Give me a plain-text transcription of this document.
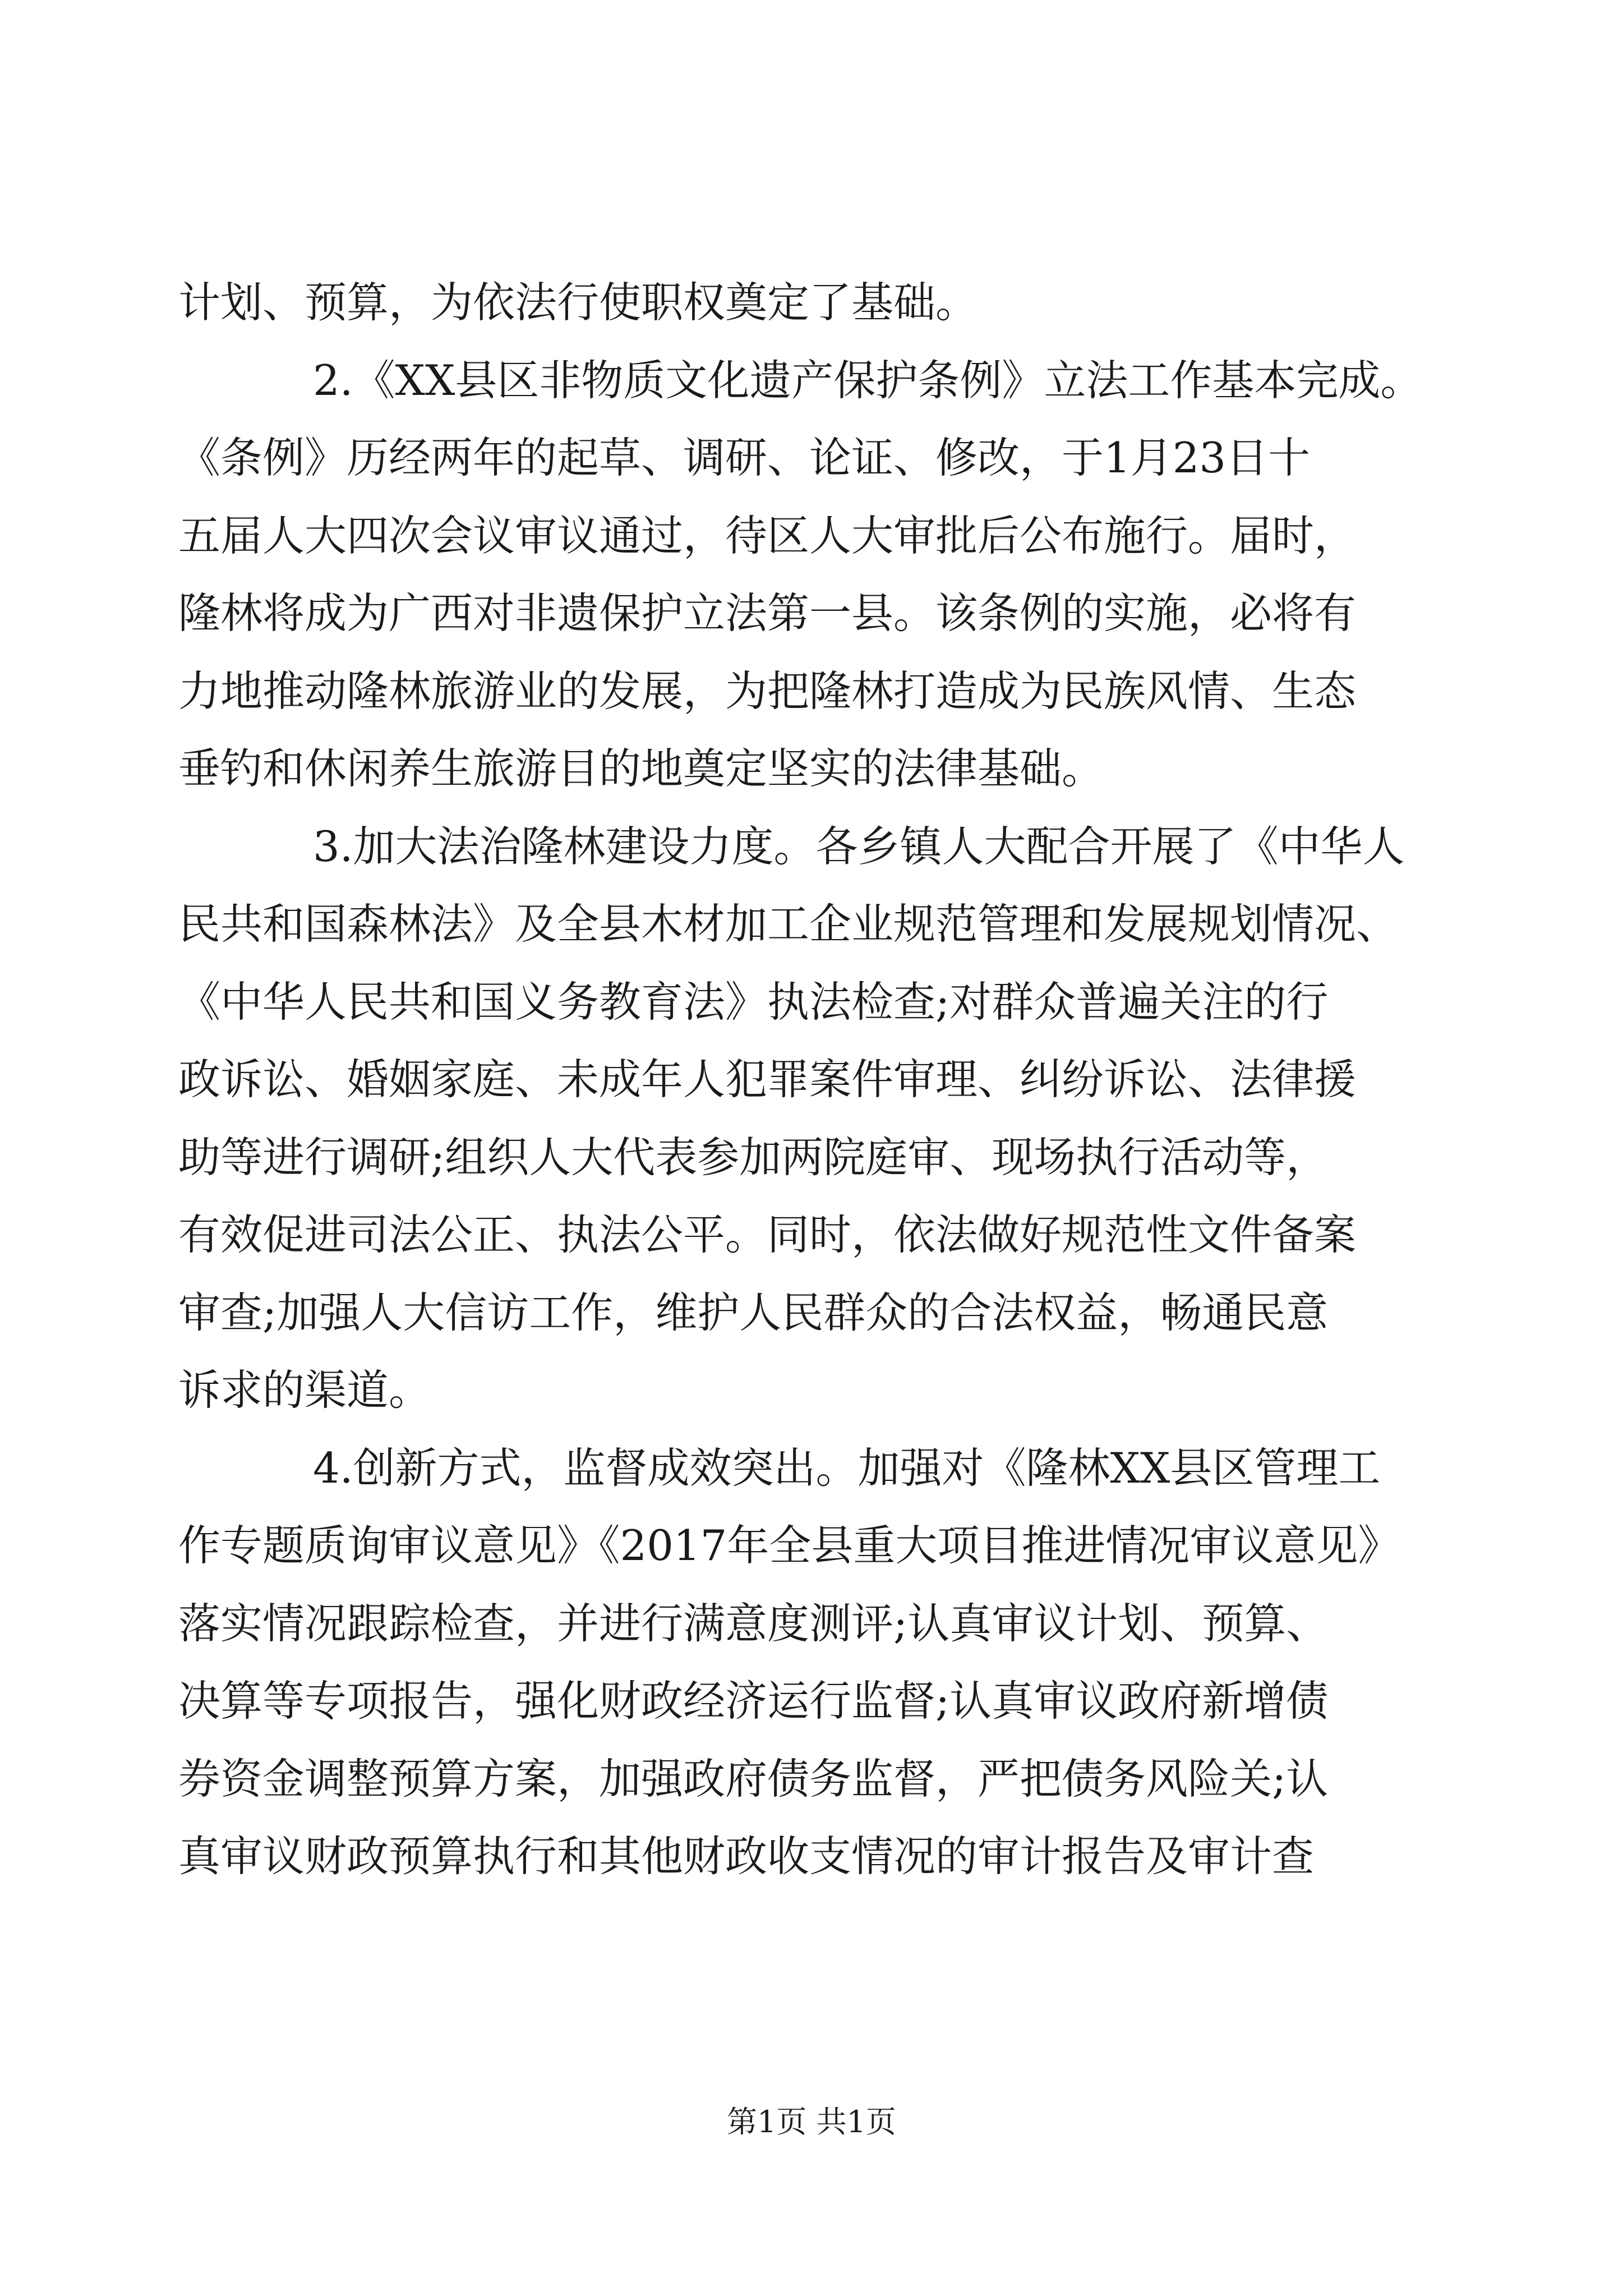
计划、预算，为依法行使职权奠定了基础。
2.《XX县区非物质文化遗产保护条例》立法工作基本完成。
《条例》历经两年的起草、调研、论证、修改，于1月23日十
五届人大四次会议审议通过，待区人大审批后公布施行。届时，
隆林将成为广西对非遗保护立法第一县。该条例的实施，必将有
力地推动隆林旅游业的发展，为把隆林打造成为民族风情、生态
垂钓和休闲养生旅游目的地奠定坚实的法律基础。
3.加大法治隆林建设力度。各乡镇人大配合开展了《中华人
民共和国森林法》及全县木材加工企业规范管理和发展规划情况、
《中华人民共和国义务教育法》执法检查;对群众普遍关注的行
政诉讼、婚姻家庭、未成年人犯罪案件审理、纠纷诉讼、法律援
助等进行调研;组织人大代表参加两院庭审、现场执行活动等，
有效促进司法公正、执法公平。同时，依法做好规范性文件备案
审查;加强人大信访工作，维护人民群众的合法权益，畅通民意
诉求的渠道。
4.创新方式，监督成效突出。加强对《隆林XX县区管理工
作专题质询审议意见》《2017年全县重大项目推进情况审议意见》
落实情况跟踪检查，并进行满意度测评;认真审议计划、预算、
决算等专项报告，强化财政经济运行监督;认真审议政府新增债
券资金调整预算方案，加强政府债务监督，严把债务风险关;认
真审议财政预算执行和其他财政收支情况的审计报告及审计查
第1页 共1页
